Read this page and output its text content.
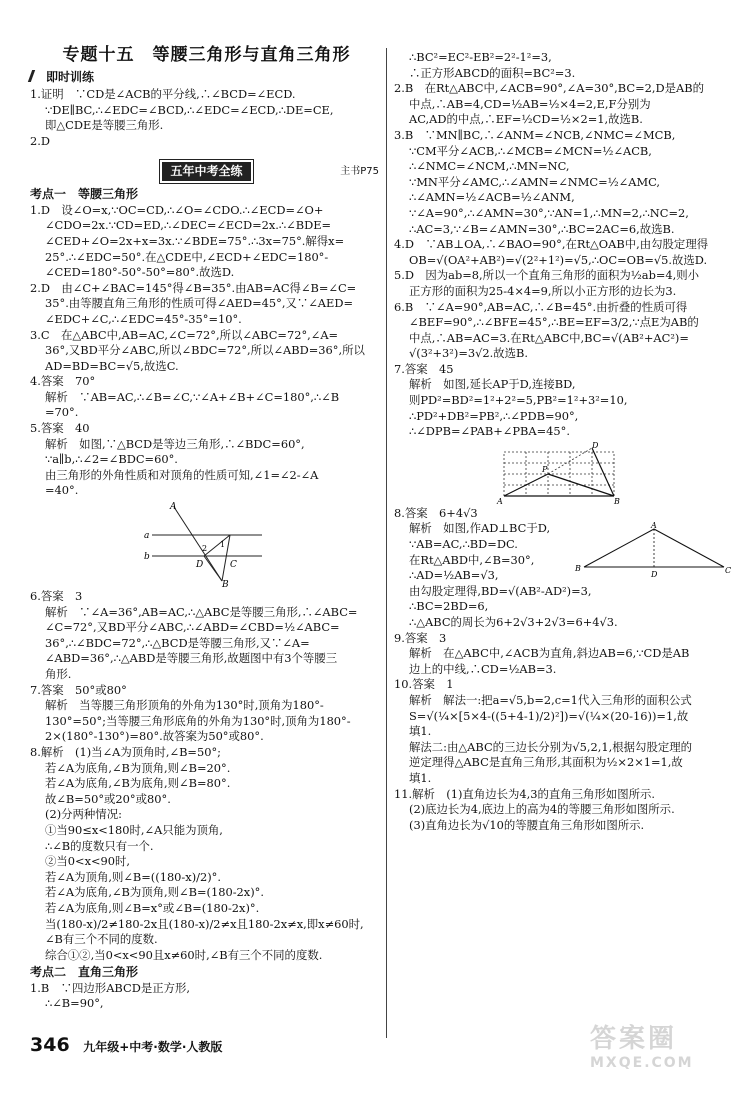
专题十五　等腰三角形与直角三角形
即时训练

1.证明　∵CD是∠ACB的平分线,∴∠BCD=∠ECD.

∵DE∥BC,∴∠EDC=∠BCD,∴∠EDC=∠ECD,∴DE=CE,

即△CDE是等腰三角形.

2.D

五年中考全练	主书P75
考点一　等腰三角形

1.D　设∠O=x,∵OC=CD,∴∠O=∠CDO.∴∠ECD=∠O+

∠CDO=2x.∵CD=ED,∴∠DEC=∠ECD=2x.∴∠BDE=

∠CED+∠O=2x+x=3x.∵∠BDE=75°.∴3x=75°.解得x=

25°.∴∠EDC=50°.在△CDE中,∠ECD+∠EDC=180°-

∠CED=180°-50°-50°=80°.故选D.

2.D　由∠C+∠BAC=145°得∠B=35°.由AB=AC得∠B=∠C=

35°.由等腰直角三角形的性质可得∠AED=45°,又∵∠AED=

∠EDC+∠C,∴∠EDC=45°-35°=10°.

3.C　在△ABC中,AB=AC,∠C=72°,所以∠ABC=72°,∠A=

36°,又BD平分∠ABC,所以∠BDC=72°,所以∠ABD=36°,所以

AD=BD=BC=√5,故选C.

4.答案　70°

解析　∵AB=AC,∴∠B=∠C,∵∠A+∠B+∠C=180°,∴∠B

=70°.

5.答案　40

解析　如图,∵△BCD是等边三角形,∴∠BDC=60°,

∵a∥b,∴∠2=∠BDC=60°.

由三角形的外角性质和对顶角的性质可知,∠1=∠2-∠A

=40°.

A
a
b
D	C
B
2 1

6.答案　3

解析　∵∠A=36°,AB=AC,∴△ABC是等腰三角形,∴∠ABC=

∠C=72°,又BD平分∠ABC,∴∠ABD=∠CBD=½∠ABC=

36°,∴∠BDC=72°,∴△BCD是等腰三角形,又∵∠A=

∠ABD=36°,∴△ABD是等腰三角形,故题图中有3个等腰三

角形.

7.答案　50°或80°

解析　当等腰三角形顶角的外角为130°时,顶角为180°-

130°=50°;当等腰三角形底角的外角为130°时,顶角为180°-

2×(180°-130°)=80°.故答案为50°或80°.

8.解析　(1)当∠A为顶角时,∠B=50°;

若∠A为底角,∠B为顶角,则∠B=20°.

若∠A为底角,∠B为底角,则∠B=80°.

故∠B=50°或20°或80°.

(2)分两种情况:

①当90≤x<180时,∠A只能为顶角,

∴∠B的度数只有一个.

②当0<x<90时,

若∠A为顶角,则∠B=((180-x)/2)°.

若∠A为底角,∠B为顶角,则∠B=(180-2x)°.

若∠A为底角,则∠B=x°或∠B=(180-2x)°.

当(180-x)/2≠180-2x且(180-x)/2≠x且180-2x≠x,即x≠60时,

∠B有三个不同的度数.

综合①②,当0<x<90且x≠60时,∠B有三个不同的度数.

考点二　直角三角形

1.B　∵四边形ABCD是正方形,

∴∠B=90°,

∴BC²=EC²-EB²=2²-1²=3,

∴正方形ABCD的面积=BC²=3.

2.B　在Rt△ABC中,∠ACB=90°,∠A=30°,BC=2,D是AB的

中点,∴AB=4,CD=½AB=½×4=2,E,F分别为

AC,AD的中点,∴EF=½CD=½×2=1,故选B.

3.B　∵MN∥BC,∴∠ANM=∠NCB,∠NMC=∠MCB,

∵CM平分∠ACB,∴∠MCB=∠MCN=½∠ACB,

∴∠NMC=∠NCM,∴MN=NC,

∵MN平分∠AMC,∴∠AMN=∠NMC=½∠AMC,

∴∠AMN=½∠ACB=½∠ANM,

∵∠A=90°,∴∠AMN=30°,∵AN=1,∴MN=2,∴NC=2,

∴AC=3,∵∠B=∠AMN=30°,∴BC=2AC=6,故选B.

4.D　∵AB⊥OA,∴∠BAO=90°,在Rt△OAB中,由勾股定理得

OB=√(OA²+AB²)=√(2²+1²)=√5,∴OC=OB=√5.故选D.

5.D　因为ab=8,所以一个直角三角形的面积为½ab=4,则小

正方形的面积为25-4×4=9,所以小正方形的边长为3.

6.B　∵∠A=90°,AB=AC,∴∠B=45°.由折叠的性质可得

∠BEF=90°,∴∠BFE=45°,∴BE=EF=3/2,∵点E为AB的

中点,∴AB=AC=3.在Rt△ABC中,BC=√(AB²+AC²)=

√(3²+3²)=3√2.故选B.

7.答案　45

解析　如图,延长AP于D,连接BD,

则PD²=BD²=1²+2²=5,PB²=1²+3²=10,

∴PD²+DB²=PB²,∴∠PDB=90°,

∴∠DPB=∠PAB+∠PBA=45°.

A	B
P
D

8.答案　6+4√3

解析　如图,作AD⊥BC于D,

∵AB=AC,∴BD=DC.

在Rt△ABD中,∠B=30°,

∴AD=½AB=√3,

A
B	C
D

由勾股定理得,BD=√(AB²-AD²)=3,

∴BC=2BD=6,

∴△ABC的周长为6+2√3+2√3=6+4√3.

9.答案　3

解析　在△ABC中,∠ACB为直角,斜边AB=6,∵CD是AB

边上的中线,∴CD=½AB=3.

10.答案　1

解析　解法一:把a=√5,b=2,c=1代入三角形的面积公式

S=√(¼×[5×4-((5+4-1)/2)²])=√(¼×(20-16))=1,故

填1.

解法二:由△ABC的三边长分别为√5,2,1,根据勾股定理的

逆定理得△ABC是直角三角形,其面积为½×2×1=1,故

填1.

11.解析　(1)直角边长为4,3的直角三角形如图所示.

(2)底边长为4,底边上的高为4的等腰三角形如图所示.

(3)直角边长为√10的等腰直角三角形如图所示.

346 九年级+中考·数学·人教版	答案圈
MXQE.COM
